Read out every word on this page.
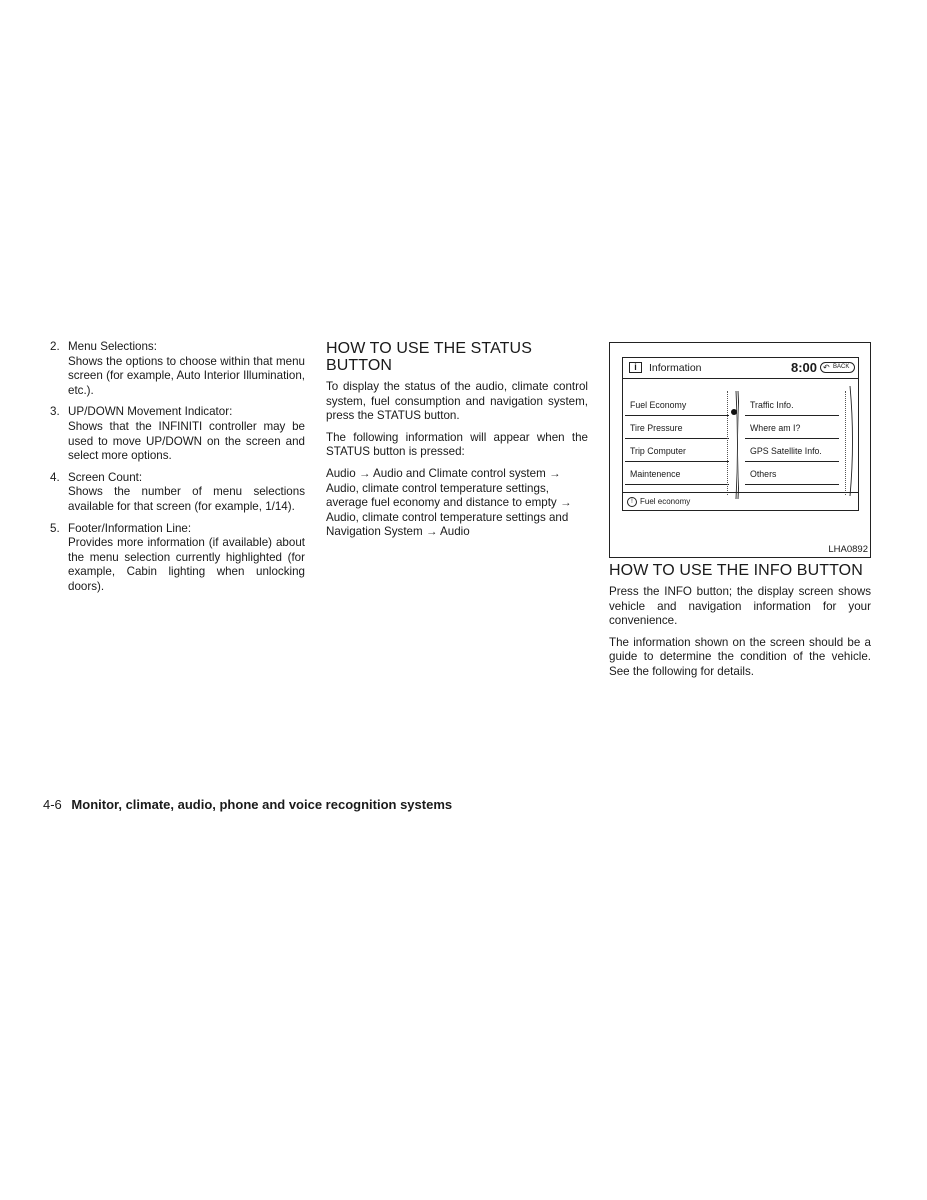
2. Menu Selections:
Shows the options to choose within that menu screen (for example, Auto Interior Illumination, etc.).
3. UP/DOWN Movement Indicator:
Shows that the INFINITI controller may be used to move UP/DOWN on the screen and select more options.
4. Screen Count:
Shows the number of menu selections available for that screen (for example, 1/14).
5. Footer/Information Line:
Provides more information (if available) about the menu selection currently highlighted (for example, Cabin lighting when unlocking doors).
HOW TO USE THE STATUS BUTTON

To display the status of the audio, climate control system, fuel consumption and navigation system, press the STATUS button.

The following information will appear when the STATUS button is pressed:

Audio → Audio and Climate control system → Audio, climate control temperature settings, average fuel economy and distance to empty → Audio, climate control temperature settings and Navigation System → Audio

i	Information	8:00 ↶ BACK
Fuel Economy
Tire Pressure
Trip Computer
Maintenence
Traffic Info.
Where am I?
GPS Satellite Info.
Others
! Fuel economy
LHA0892
HOW TO USE THE INFO BUTTON

Press the INFO button; the display screen shows vehicle and navigation information for your convenience.

The information shown on the screen should be a guide to determine the condition of the vehicle. See the following for details.

4-6 Monitor, climate, audio, phone and voice recognition systems
